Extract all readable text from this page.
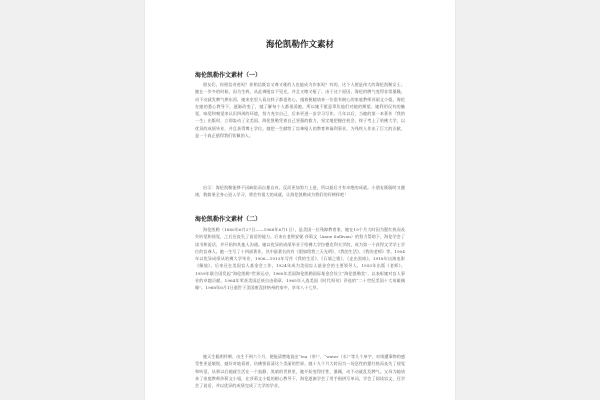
海伦凯勒作文素材
海伦凯勒作文素材（一）
朋友们，你相信奇迹吗？你相信既盲又聋又哑的人也能成为作家吗？有的。这个人便是伟大的海伦凯勒女士。她在一岁多的时候，因为生病，从此聋哑盲不见光，并且又瞎又哑了。由于这个原因，海伦的脾气变得非常暴躁，动不动就发脾气摔东西，她来室里人看这样子都很伤心，遇着便她请来一位很有耐心的家庭教师苏丽文小姐。海伦在她的悉心教导下，逐渐改变了，她了解每个人都很爱她，所以她不愿意辜负他们对她的期望。她利用仅有的触觉，味觉和嗅觉来认识四周的环境，努力充实自己，后来更进一步学习写作。几年以后，当她的第一本著作『我的一生』出版时，立即轰动了全美国。海伦凯勒凭着自己坚强的毅力，坚定地把握住机会，终于考上了哈佛大学，以优异的成绩毕业，并且获得博士学位。她把一生献给了盲聋哑人的教育和福利事业，为残疾人作出了巨大的贡献，是一个真正值得我们钦佩的人。
启示：海伦凯勒能够不因缺陷而自暴自弃，反而更加努力上进，所以最后才有卓绝的成就。小朋友既聪明又健康，数如果全身心投入学习，将会有很大的成就，让海伦凯勒成为我们的好榜样吧！
海伦凯勒作文素材（二）
海伦凯勒（1880年6月27日——1968年6月1日），是美国一位残障教育家，她在19个月大时因为猩红热而丧失听觉和视觉，之后还丧失了说话的能力。后来在老师安妮·莎莉文（Anne Sullivan）的努力帮助下，海伦学会了读书和说话，并开始和其他人沟通。她以优异的成绩毕业于哈佛大学拉德克利夫学院，成为第一个获得文学学士学位的盲聋人。她一生写了十四部著作，其中最著名的有《假如给我三天光明》、《我的生活》、《我的老师》等。1904年以优异成绩从哈佛大学毕业，1906—1913年写作《我的生活》、《石墙之歌》、《走出黑暗》。1918年出演电影《解放》，后来还在美国盲人基金会工作。1924年成为美国盲人基金会的主要领导人，1955年出版《老师》。1959年联合国发起“海伦凯勒”世界运动，1960年美国海伦凯勒国际基金会设立“海伦凯勒奖”，以表彰她对盲人事业的卓越贡献。1964年荣获美国总统自由勋章，1965年入选美国《时代周刊》评选的“二十世纪美国十大英雄偶像”。1968年6月1日逝世于美国康涅狄格州的家中，享年八十七岁。
她天生聪明伶俐，出生不到六个月，便能清楚地说出“tea（茶）”、“water（水）”等几个单字，对周遭事物的感受性更是敏锐，她好奇地看着，仿佛要看清这个美丽的世界。她十九个月大时因为一场急性的猩红热而丧失了视觉和听觉，从那以后她就生活在一个寂静、黑暗的世界里，她开始变得任性、暴躁，动不动就乱发脾气。父母为她请来了家庭教师莎莉文小姐，在莎莉文小姐的耐心教导下，海伦逐渐学会了用手指拼写单词，学会了阅读盲文，还学会了说话，并以优异的成绩完成了大学的学业。
